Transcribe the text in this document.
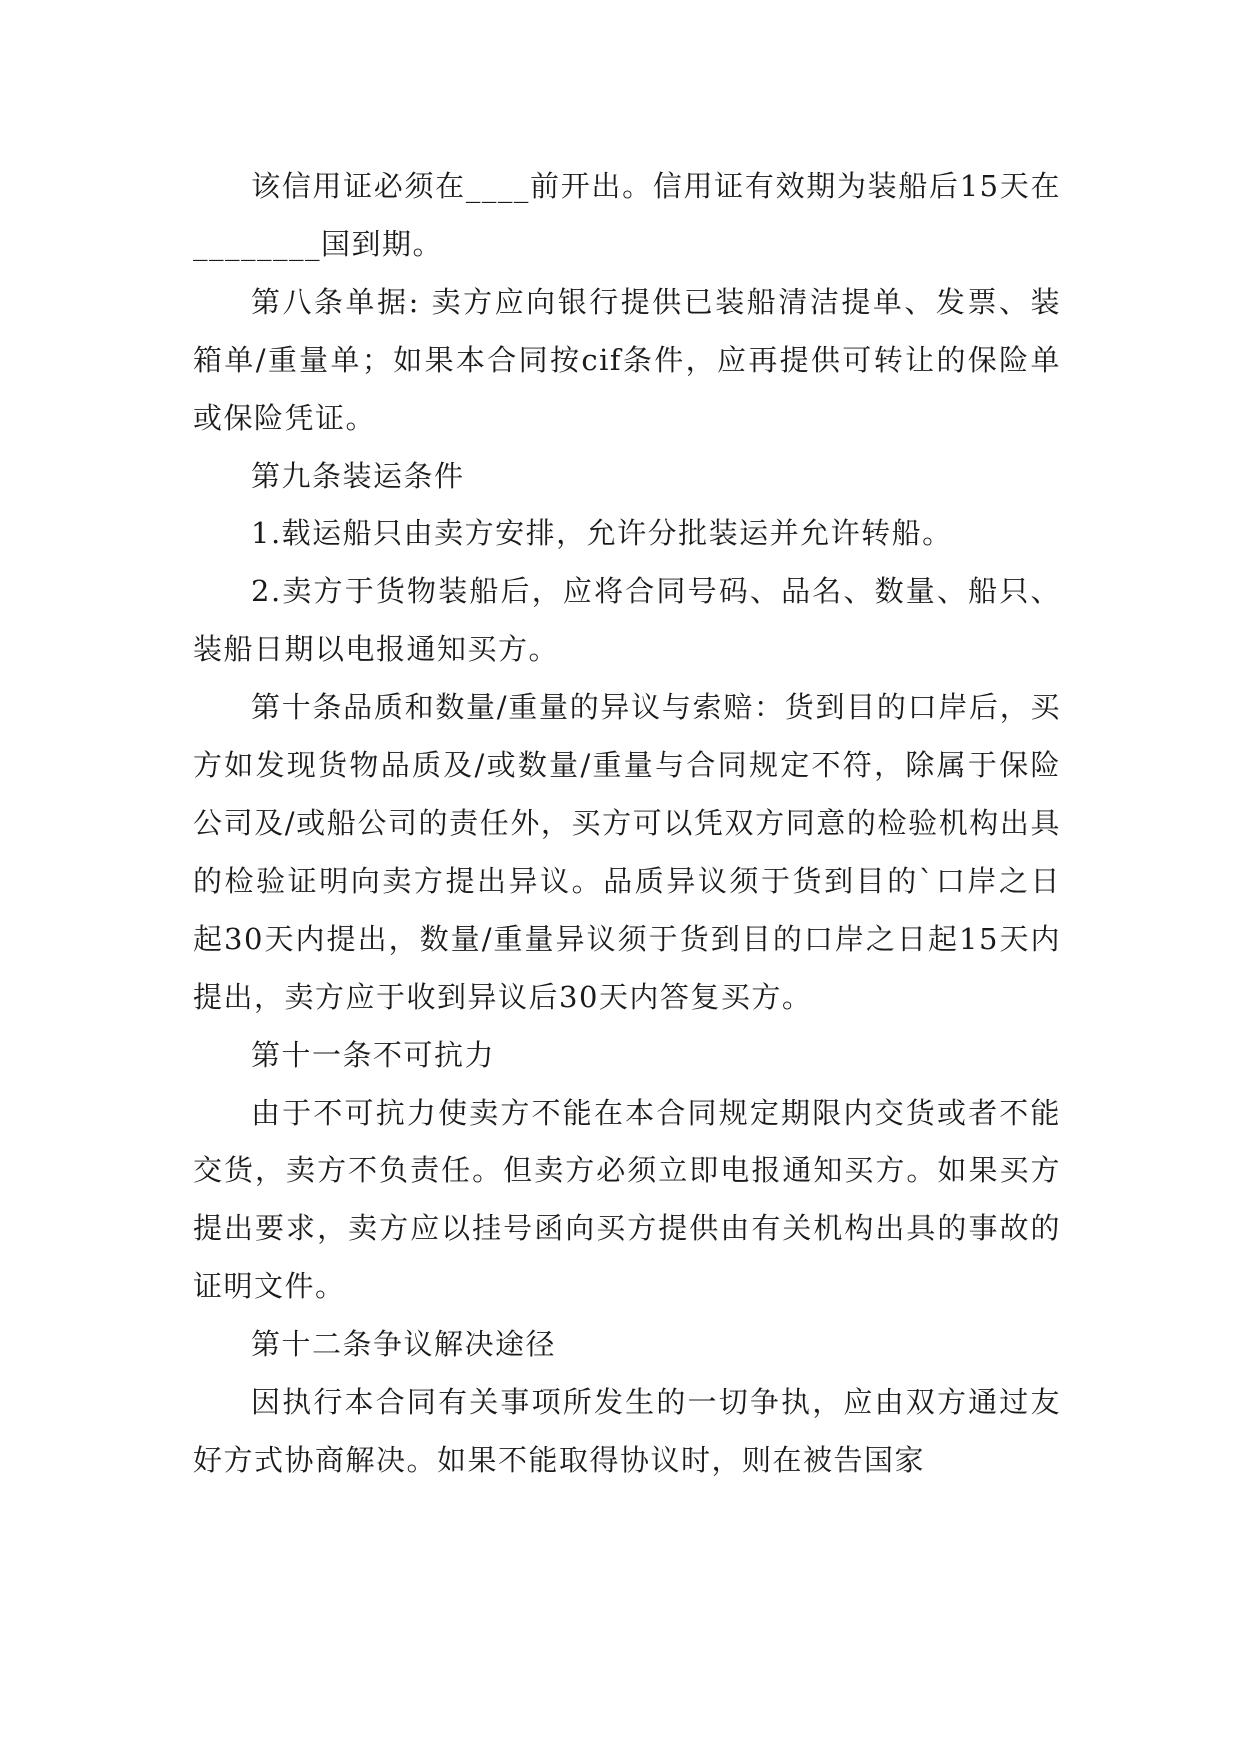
该信用证必须在____前开出。信用证有效期为装船后15天在________国到期。

第八条单据: 卖方应向银行提供已装船清洁提单、发票、装箱单/重量单；如果本合同按cif条件，应再提供可转让的保险单或保险凭证。

第九条装运条件

1.载运船只由卖方安排，允许分批装运并允许转船。

2.卖方于货物装船后，应将合同号码、品名、数量、船只、装船日期以电报通知买方。

第十条品质和数量/重量的异议与索赔：货到目的口岸后，买方如发现货物品质及/或数量/重量与合同规定不符，除属于保险公司及/或船公司的责任外，买方可以凭双方同意的检验机构出具的检验证明向卖方提出异议。品质异议须于货到目的`口岸之日起30天内提出，数量/重量异议须于货到目的口岸之日起15天内提出，卖方应于收到异议后30天内答复买方。

第十一条不可抗力

由于不可抗力使卖方不能在本合同规定期限内交货或者不能交货，卖方不负责任。但卖方必须立即电报通知买方。如果买方提出要求，卖方应以挂号函向买方提供由有关机构出具的事故的证明文件。

第十二条争议解决途径

因执行本合同有关事项所发生的一切争执，应由双方通过友好方式协商解决。如果不能取得协议时，则在被告国家
